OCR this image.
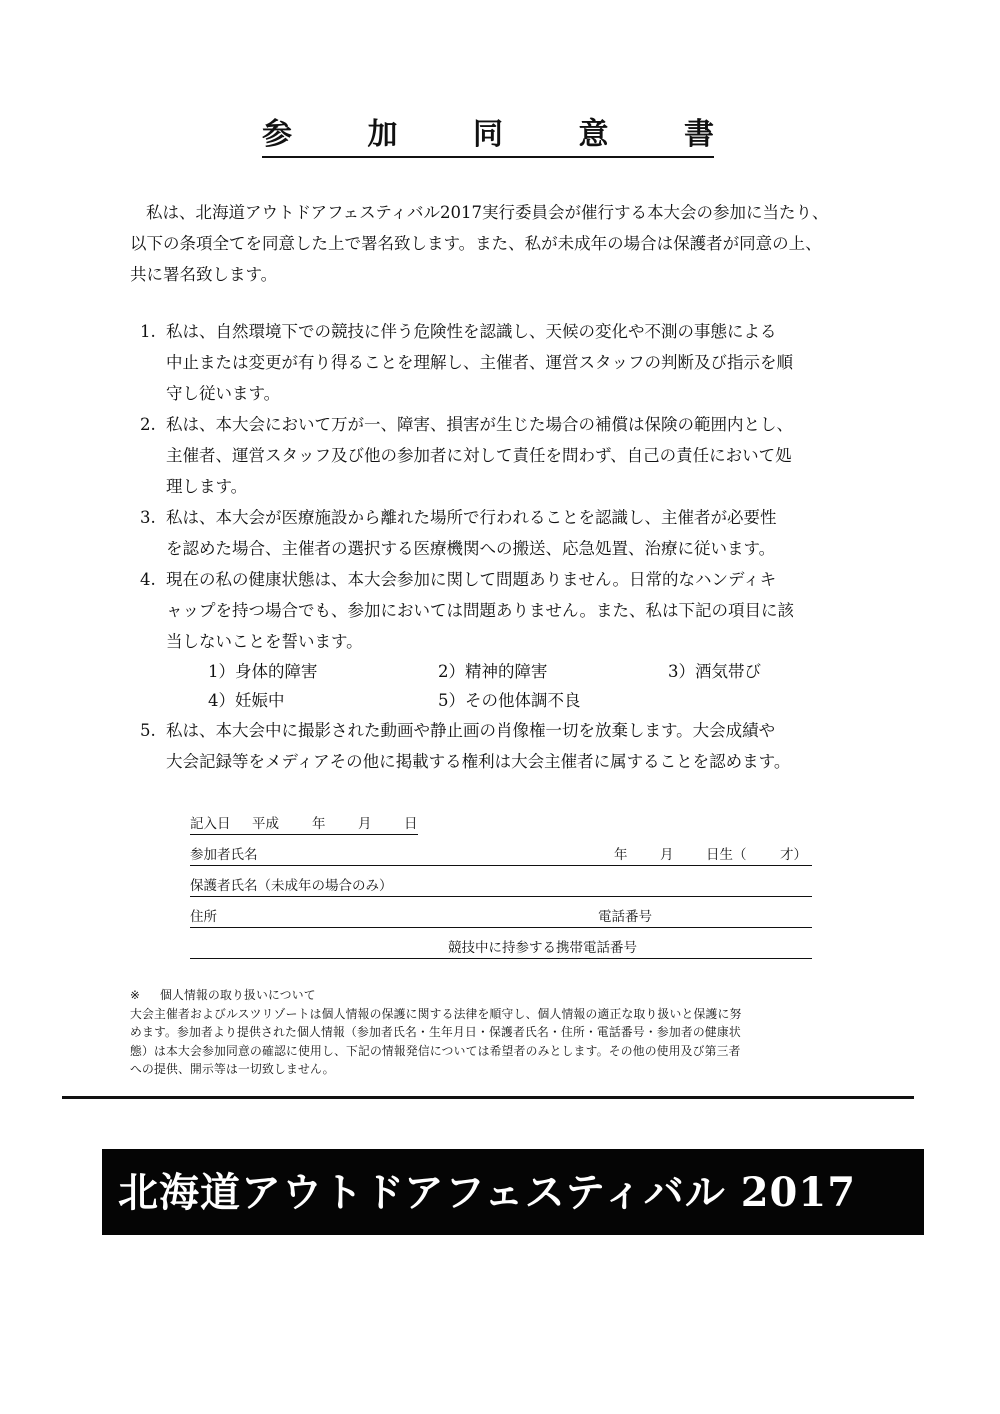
参	加	同	意	書
私は、北海道アウトドアフェスティバル2017実行委員会が催行する本大会の参加に当たり、
以下の条項全てを同意した上で署名致します。また、私が未成年の場合は保護者が同意の上、
共に署名致します。
1. 私は、自然環境下での競技に伴う危険性を認識し、天候の変化や不測の事態による
中止または変更が有り得ることを理解し、主催者、運営スタッフの判断及び指示を順
守し従います。
2. 私は、本大会において万が一、障害、損害が生じた場合の補償は保険の範囲内とし、
主催者、運営スタッフ及び他の参加者に対して責任を問わず、自己の責任において処
理します。
3. 私は、本大会が医療施設から離れた場所で行われることを認識し、主催者が必要性
を認めた場合、主催者の選択する医療機関への搬送、応急処置、治療に従います。
4. 現在の私の健康状態は、本大会参加に関して問題ありません。日常的なハンディキ
ャップを持つ場合でも、参加においては問題ありません。また、私は下記の項目に該
当しないことを誓います。
1）身体的障害	2）精神的障害	3）酒気帯び
4）妊娠中	5）その他体調不良
5. 私は、本大会中に撮影された動画や静止画の肖像権一切を放棄します。大会成績や
大会記録等をメディアその他に掲載する権利は大会主催者に属することを認めます。
記入日 平成 年 月 日
参加者氏名	年 月 日生（ 才）
保護者氏名（未成年の場合のみ）
住所	電話番号
競技中に持参する携帯電話番号
※ 個人情報の取り扱いについて
大会主催者およびルスツリゾートは個人情報の保護に関する法律を順守し、個人情報の適正な取り扱いと保護に努
めます。参加者より提供された個人情報（参加者氏名・生年月日・保護者氏名・住所・電話番号・参加者の健康状
態）は本大会参加同意の確認に使用し、下記の情報発信については希望者のみとします。その他の使用及び第三者
への提供、開示等は一切致しません。
北海道アウトドアフェスティバル 2017
